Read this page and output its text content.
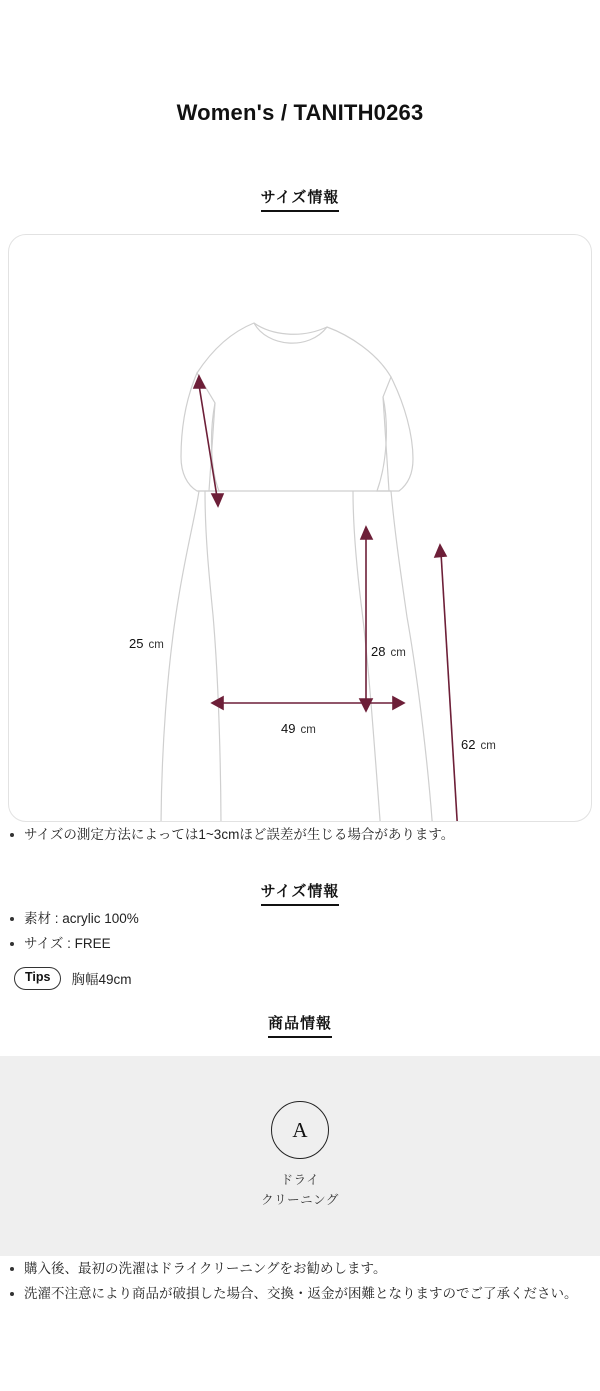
Women's / TANITH0263
サイズ情報
25 cm	28 cm
49 cm
62 cm
サイズの測定方法によっては1~3cmほど誤差が生じる場合があります。
サイズ情報
素材 : acrylic 100%
サイズ : FREE
Tips	胸幅49cm
商品情報
A
ドライ
クリーニング
購入後、最初の洗濯はドライクリーニングをお勧めします。
洗濯不注意により商品が破損した場合、交換・返金が困難となりますのでご了承ください。
